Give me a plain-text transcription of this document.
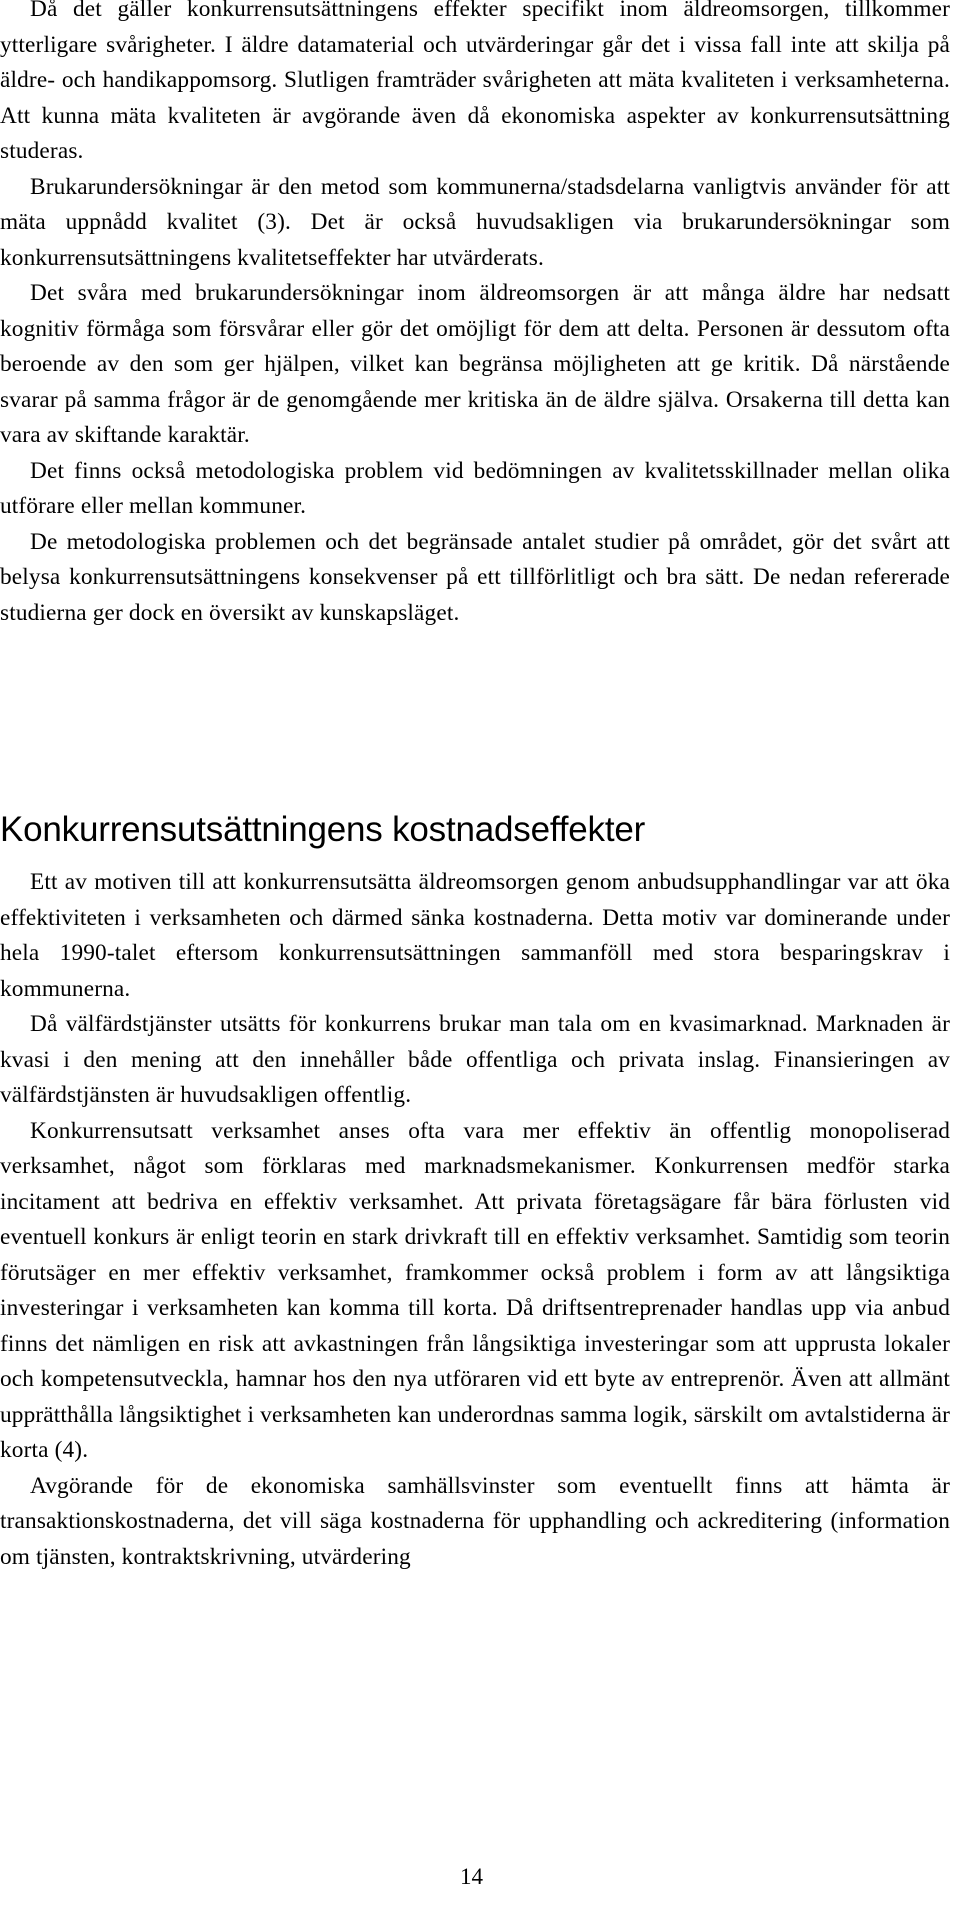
Då det gäller konkurrensutsättningens effekter specifikt inom äldreomsorgen, tillkommer ytterligare svårigheter. I äldre datamaterial och utvärderingar går det i vissa fall inte att skilja på äldre- och handikappomsorg. Slutligen framträder svårigheten att mäta kvaliteten i verksamheterna. Att kunna mäta kvaliteten är avgörande även då ekonomiska aspekter av konkurrensutsättning studeras.

Brukarundersökningar är den metod som kommunerna/stadsdelarna vanligtvis använder för att mäta uppnådd kvalitet (3). Det är också huvudsakligen via brukarundersökningar som konkurrensutsättningens kvalitetseffekter har utvärderats.

Det svåra med brukarundersökningar inom äldreomsorgen är att många äldre har nedsatt kognitiv förmåga som försvårar eller gör det omöjligt för dem att delta. Personen är dessutom ofta beroende av den som ger hjälpen, vilket kan begränsa möjligheten att ge kritik. Då närstående svarar på samma frågor är de genomgående mer kritiska än de äldre själva. Orsakerna till detta kan vara av skiftande karaktär.

Det finns också metodologiska problem vid bedömningen av kvalitetsskillnader mellan olika utförare eller mellan kommuner.

De metodologiska problemen och det begränsade antalet studier på området, gör det svårt att belysa konkurrensutsättningens konsekvenser på ett tillförlitligt och bra sätt. De nedan refererade studierna ger dock en översikt av kunskapsläget.

Konkurrensutsättningens kostnadseffekter

Ett av motiven till att konkurrensutsätta äldreomsorgen genom anbudsupphandlingar var att öka effektiviteten i verksamheten och därmed sänka kostnaderna. Detta motiv var dominerande under hela 1990-talet eftersom konkurrensutsättningen sammanföll med stora besparingskrav i kommunerna.

Då välfärdstjänster utsätts för konkurrens brukar man tala om en kvasimarknad. Marknaden är kvasi i den mening att den innehåller både offentliga och privata inslag. Finansieringen av välfärdstjänsten är huvudsakligen offentlig.

Konkurrensutsatt verksamhet anses ofta vara mer effektiv än offentlig monopoliserad verksamhet, något som förklaras med marknadsmekanismer. Konkurrensen medför starka incitament att bedriva en effektiv verksamhet. Att privata företagsägare får bära förlusten vid eventuell konkurs är enligt teorin en stark drivkraft till en effektiv verksamhet. Samtidig som teorin förutsäger en mer effektiv verksamhet, framkommer också problem i form av att långsiktiga investeringar i verksamheten kan komma till korta. Då driftsentreprenader handlas upp via anbud finns det nämligen en risk att avkastningen från långsiktiga investeringar som att upprusta lokaler och kompetensutveckla, hamnar hos den nya utföraren vid ett byte av entreprenör. Även att allmänt upprätthålla långsiktighet i verksamheten kan underordnas samma logik, särskilt om avtalstiderna är korta (4).

Avgörande för de ekonomiska samhällsvinster som eventuellt finns att hämta är transaktionskostnaderna, det vill säga kostnaderna för upphandling och ackreditering (information om tjänsten, kontraktskrivning, utvärdering

14
